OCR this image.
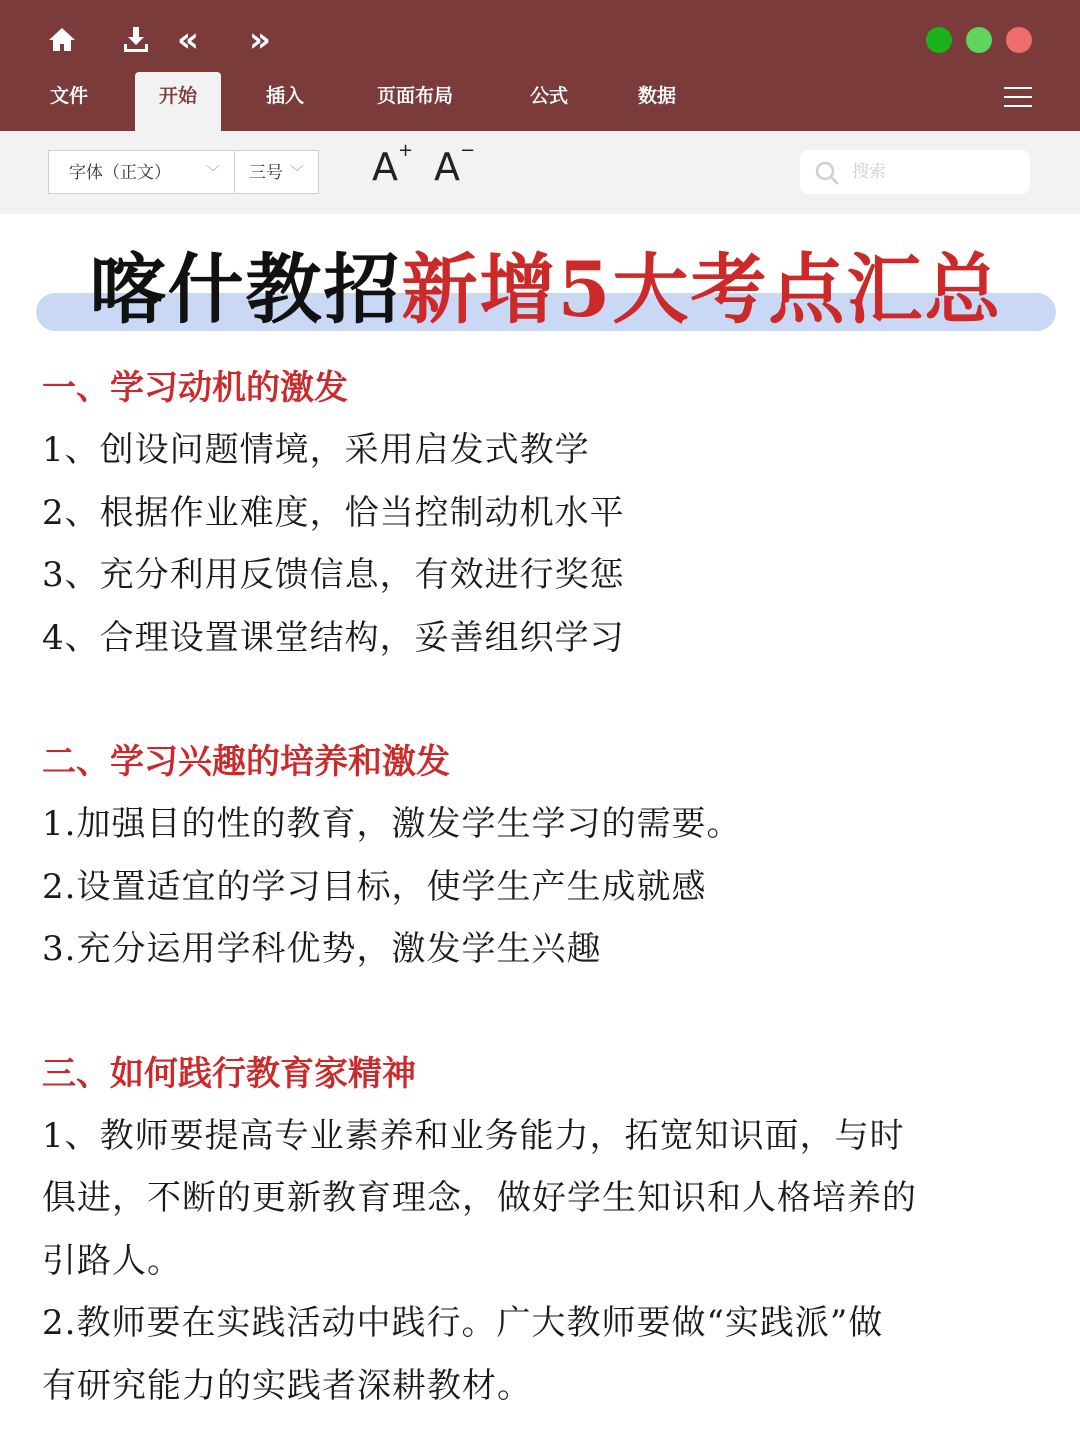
« »
文件	开始	插入	页面布局	公式	数据
字体（正文）	﹀	三号 ﹀ A+ A−
搜索
喀什教招新增5大考点汇总

一、学习动机的激发

1、创设问题情境，采用启发式教学

2、根据作业难度，恰当控制动机水平

3、充分利用反馈信息，有效进行奖惩

4、合理设置课堂结构，妥善组织学习

二、学习兴趣的培养和激发

1.加强目的性的教育，激发学生学习的需要。

2.设置适宜的学习目标，使学生产生成就感

3.充分运用学科优势，激发学生兴趣

三、如何践行教育家精神

1、教师要提高专业素养和业务能力，拓宽知识面，与时

俱进，不断的更新教育理念，做好学生知识和人格培养的

引路人。

2.教师要在实践活动中践行。广大教师要做“实践派”做

有研究能力的实践者深耕教材。
